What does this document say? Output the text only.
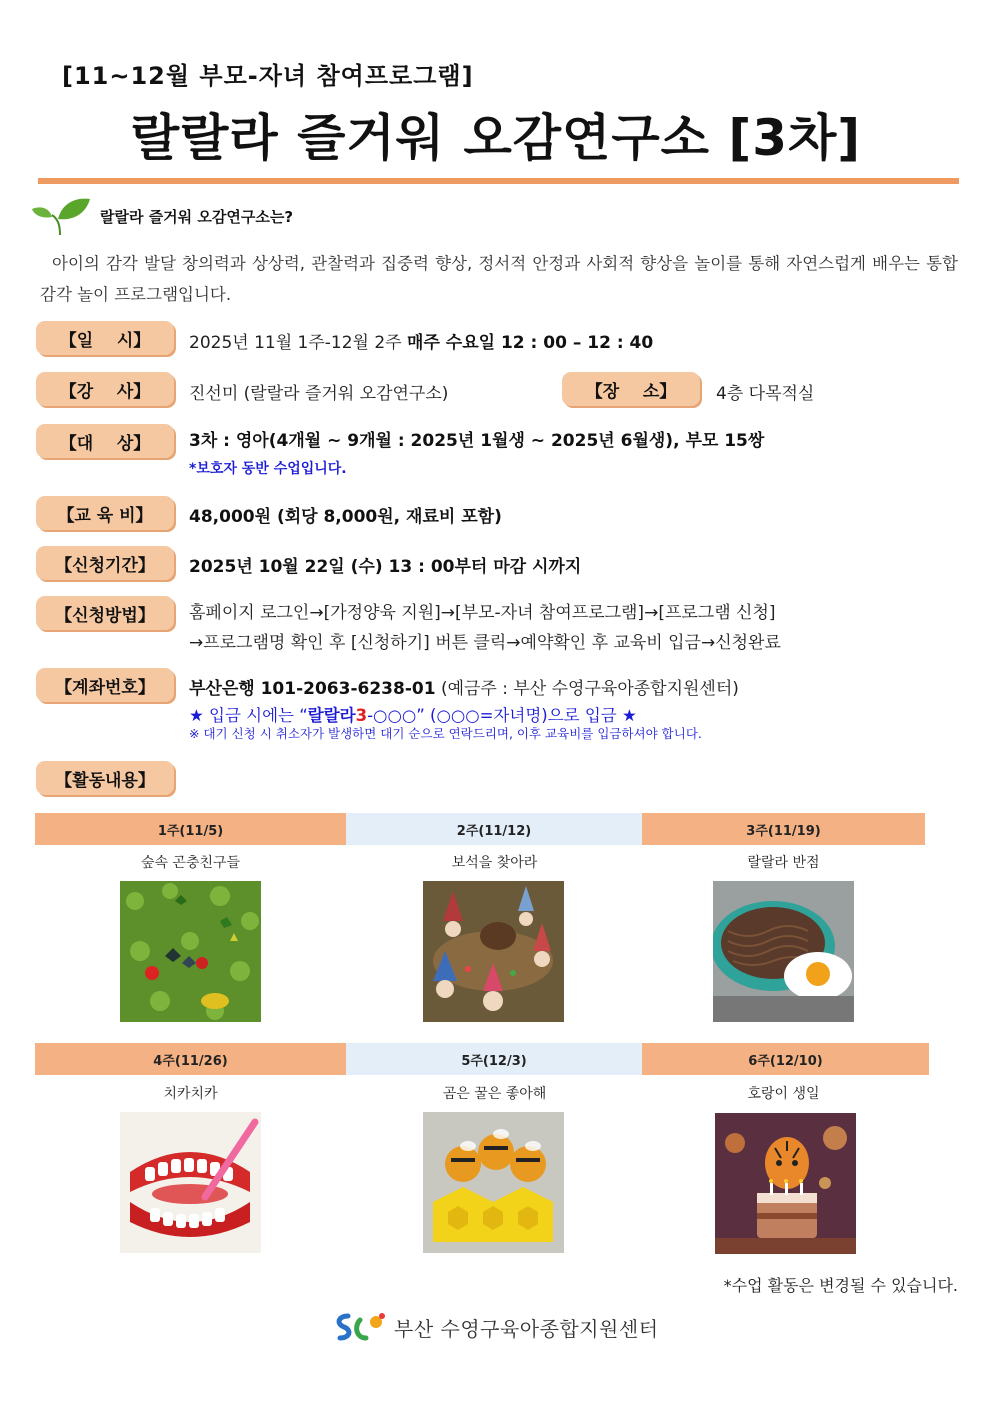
[11~12월 부모-자녀 참여프로그램]
랄랄라 즐거워 오감연구소 [3차]
랄랄라 즐거워 오감연구소는?
아이의 감각 발달 창의력과 상상력, 관찰력과 집중력 향상, 정서적 안정과 사회적 향상을 놀이를 통해 자연스럽게 배우는 통합 감각 놀이 프로그램입니다.
【일    시】	2025년 11월 1주-12월 2주 매주 수요일 12 : 00 – 12 : 40
【강    사】	진선미 (랄랄라 즐거워 오감연구소)	【장    소】	4층 다목적실
【대    상】	3차 : 영아(4개월 ~ 9개월 : 2025년 1월생 ~ 2025년 6월생), 부모 15쌍
*보호자 동반 수업입니다.
【교 육 비】	48,000원 (회당 8,000원, 재료비 포함)
【신청기간】	2025년 10월 22일 (수) 13 : 00부터 마감 시까지
【신청방법】	홈페이지 로그인→[가정양육 지원]→[부모-자녀 참여프로그램]→[프로그램 신청]
→프로그램명 확인 후 [신청하기] 버튼 클릭→예약확인 후 교육비 입금→신청완료
【계좌번호】	부산은행 101-2063-6238-01 (예금주 : 부산 수영구육아종합지원센터)
★ 입금 시에는 “랄랄라3-○○○” (○○○=자녀명)으로 입금 ★
※ 대기 신청 시 취소자가 발생하면 대기 순으로 연락드리며, 이후 교육비를 입금하셔야 합니다.
【활동내용】
1주(11/5)	2주(11/12)	3주(11/19)
숲속 곤충친구들	보석을 찾아라	랄랄라 반점
4주(11/26)	5주(12/3)	6주(12/10)
치카치카	곰은 꿀은 좋아해	호랑이 생일
*수업 활동은 변경될 수 있습니다.
부산 수영구육아종합지원센터
